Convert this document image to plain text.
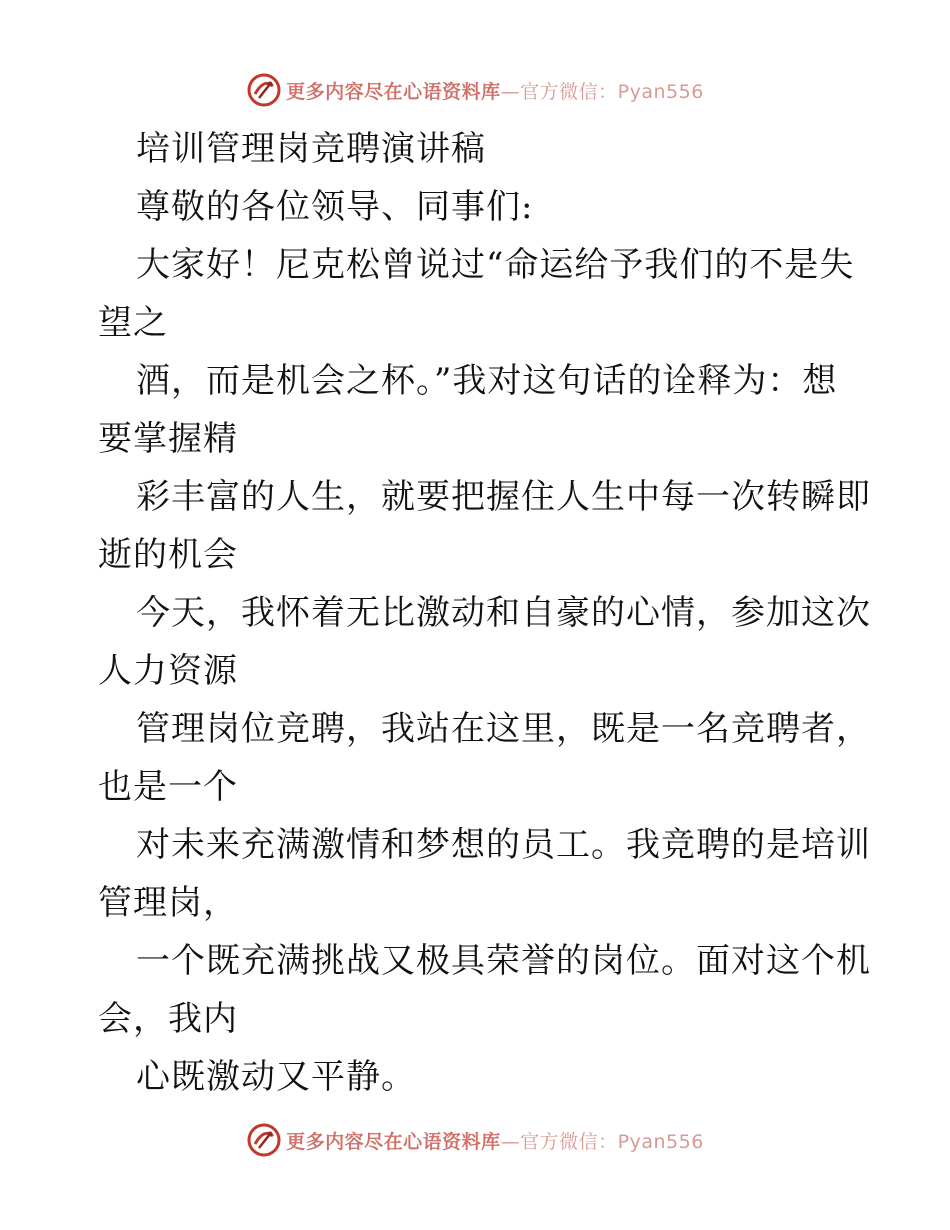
更多内容尽在心语资料库—官方微信：Pyan556
培训管理岗竞聘演讲稿
尊敬的各位领导、同事们:
大家好！尼克松曾说过“命运给予我们的不是失
望之
酒，而是机会之杯。”我对这句话的诠释为：想
要掌握精
彩丰富的人生，就要把握住人生中每一次转瞬即
逝的机会
今天，我怀着无比激动和自豪的心情，参加这次
人力资源
管理岗位竞聘，我站在这里，既是一名竞聘者，
也是一个
对未来充满激情和梦想的员工。我竞聘的是培训
管理岗，
一个既充满挑战又极具荣誉的岗位。面对这个机
会，我内
心既激动又平静。
更多内容尽在心语资料库—官方微信：Pyan556
